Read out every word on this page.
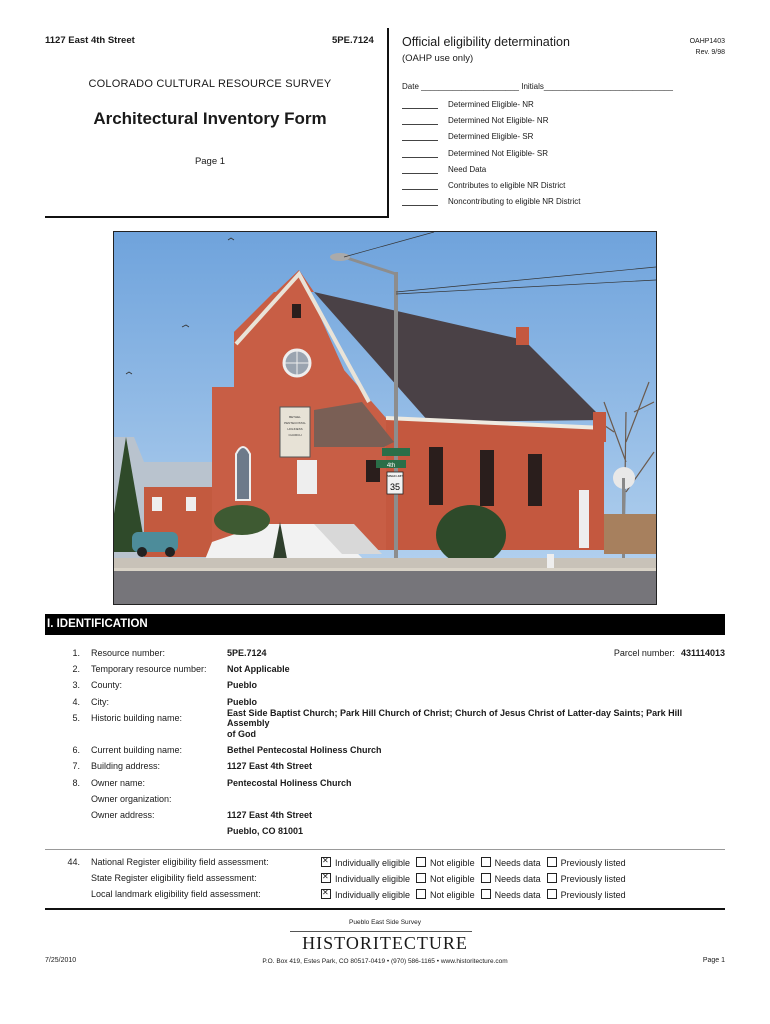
1127 East 4th Street	5PE.7124
COLORADO CULTURAL RESOURCE SURVEY
Architectural Inventory Form
Page 1
Official eligibility determination
(OAHP use only)
OAHP1403
Rev. 9/98
Date ______________________ Initials_____________________________
Determined Eligible- NR
Determined Not Eligible- NR
Determined Eligible- SR
Determined Not Eligible- SR
Need Data
Contributes to eligible NR District
Noncontributing to eligible NR District
BETHEL
PENTECOSTAL
HOLINESS
CHURCH
4th
SPEED LIMIT
35
I. IDENTIFICATION
Parcel number: 431114013
1.	Resource number:	5PE.7124
2.	Temporary resource number:	Not Applicable
3.	County:	Pueblo
4.	City:	Pueblo
5.	Historic building name:	East Side Baptist Church; Park Hill Church of Christ; Church of Jesus Christ of Latter-day Saints; Park Hill Assembly
of God
6.	Current building name:	Bethel Pentecostal Holiness Church
7.	Building address:	1127 East 4th Street
8.	Owner name:	Pentecostal Holiness Church
Owner organization:
Owner address:	1127 East 4th Street
Pueblo, CO 81001
44.	National Register eligibility field assessment: ✕	Individually eligible	Not eligible	Needs data	Previously listed
State Register eligibility field assessment: ✕	Individually eligible	Not eligible	Needs data	Previously listed
Local landmark eligibility field assessment: ✕	Individually eligible	Not eligible	Needs data	Previously listed
Pueblo East Side Survey
HISTORITECTURE
7/25/2010	P.O. Box 419, Estes Park, CO 80517-0419 • (970) 586-1165 • www.historitecture.com	Page 1
